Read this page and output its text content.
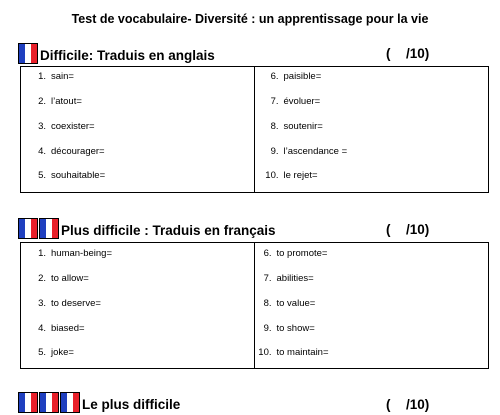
Test de vocabulaire- Diversité : un apprentissage pour la vie
Difficile: Traduis en anglais	( /10)
1. sain=
2. l’atout=
3. coexister=
4. décourager=
5. souhaitable=
6. paisible=
7. évoluer=
8. soutenir=
9. l’ascendance =
10. le rejet=
Plus difficile : Traduis en français	( /10)
1. human-being=
2. to allow=
3. to deserve=
4. biased=
5. joke=
6. to promote=
7. abilities=
8. to value=
9. to show=
10. to maintain=
Le plus difficile	( /10)
